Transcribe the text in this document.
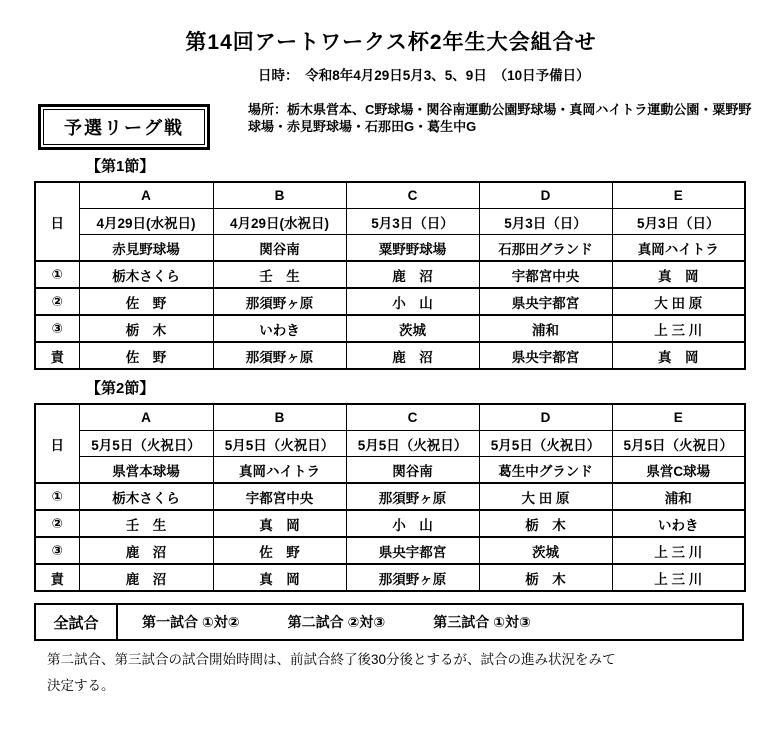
第14回アートワークス杯2年生大会組合せ
日時：　令和8年4月29日5月3、5、9日　（10日予備日）
予選リーグ戦
場所：栃木県営本、C野球場・関谷南運動公園野球場・真岡ハイトラ運動公園・粟野野球場・赤見野球場・石那田G・葛生中G
【第1節】
日	A	B	C	D	E
	4月29日(水祝日)	4月29日(水祝日)	5月3日（日）	5月3日（日）	5月3日（日）
	赤見野球場	関谷南	粟野野球場	石那田グランド	真岡ハイトラ
①	栃木さくら	壬　生	鹿　沼	宇都宮中央	真　岡
②	佐　野	那須野ヶ原	小　山	県央宇都宮	大 田 原
③	栃　木	いわき	茨城	浦和	上 三 川
責	佐　野	那須野ヶ原	鹿　沼	県央宇都宮	真　岡
【第2節】
日	A	B	C	D	E
	5月5日（火祝日）	5月5日（火祝日）	5月5日（火祝日）	5月5日（火祝日）	5月5日（火祝日）
	県営本球場	真岡ハイトラ	関谷南	葛生中グランド	県営C球場
①	栃木さくら	宇都宮中央	那須野ヶ原	大 田 原	浦和
②	壬　生	真　岡	小　山	栃　木	いわき
③	鹿　沼	佐　野	県央宇都宮	茨城	上 三 川
責	鹿　沼	真　岡	那須野ヶ原	栃　木	上 三 川
全試合	第一試合 ①対②	第二試合 ②対③	第三試合 ①対③
第二試合、第三試合の試合開始時間は、前試合終了後30分後とするが、試合の進み状況をみて
決定する。
